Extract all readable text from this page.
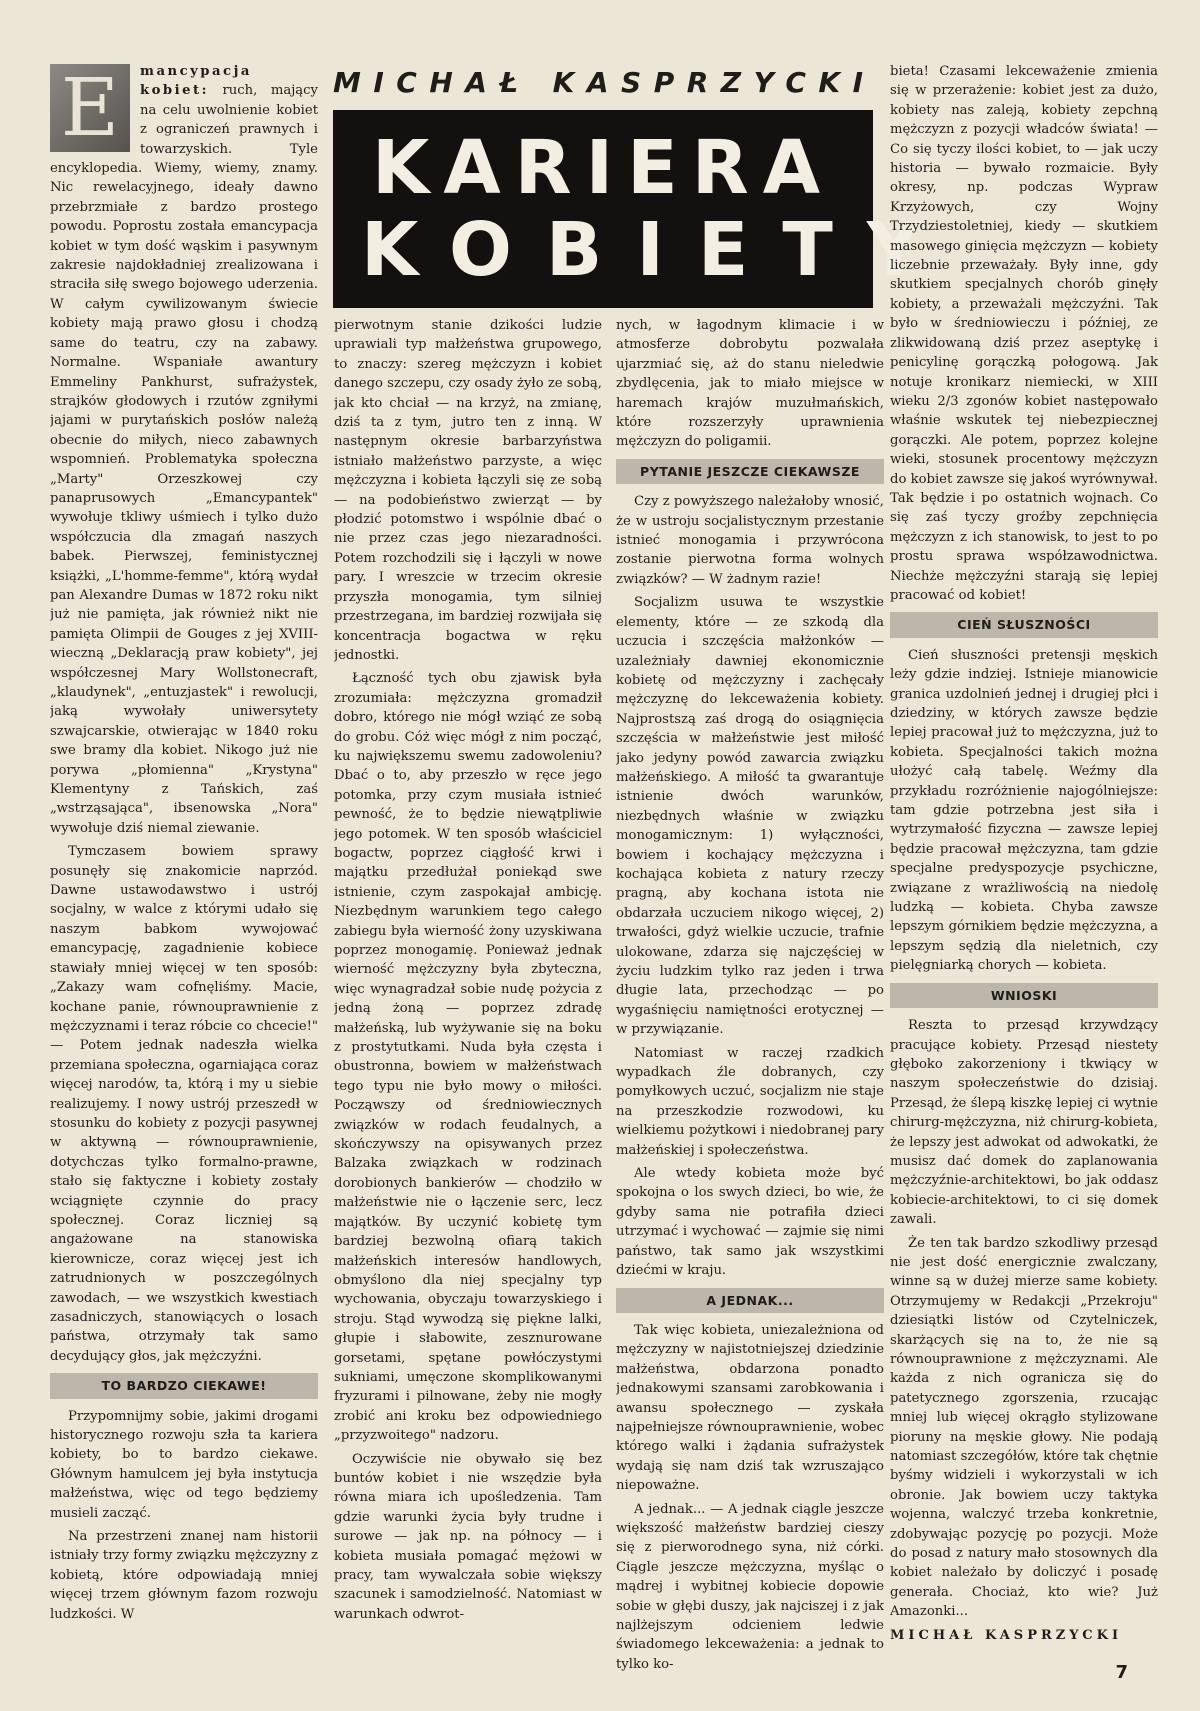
MICHAŁ KASPRZYCKI
KARIERA
KOBIETY
E	mancypacja kobiet: ruch, mający na celu uwolnienie kobiet z ograniczeń prawnych i towarzyskich. Tyle encyklopedia. Wiemy, wiemy, znamy. Nic rewelacyjnego, ideały dawno przebrzmiałe z bardzo prostego powodu. Poprostu została emancypacja kobiet w tym dość wąskim i pasywnym zakresie najdokładniej zrealizowana i straciła siłę swego bojowego uderzenia. W całym cywilizowanym świecie kobiety mają prawo głosu i chodzą same do teatru, czy na zabawy. Normalne. Wspaniałe awantury Emmeliny Pankhurst, sufrażystek, strajków głodowych i rzutów zgniłymi jajami w purytańskich posłów należą obecnie do miłych, nieco zabawnych wspomnień. Problematyka społeczna „Marty" Orzeszkowej czy panaprusowych „Emancypantek" wywołuje tkliwy uśmiech i tylko dużo współczucia dla zmagań naszych babek. Pierwszej, feministycznej książki, „L'homme-femme", którą wydał pan Alexandre Dumas w 1872 roku nikt już nie pamięta, jak również nikt nie pamięta Olimpii de Gouges z jej XVIII-wieczną „Deklaracją praw kobiety", jej współczesnej Mary Wollstonecraft, „klaudynek", „entuzjastek" i rewolucji, jaką wywołały uniwersytety szwajcarskie, otwierając w 1840 roku swe bramy dla kobiet. Nikogo już nie porywa „płomienna" „Krystyna" Klementyny z Tańskich, zaś „wstrząsająca", ibsenowska „Nora" wywołuje dziś niemal ziewanie.

Tymczasem bowiem sprawy posunęły się znakomicie naprzód. Dawne ustawodawstwo i ustrój socjalny, w walce z którymi udało się naszym babkom wywojować emancypację, zagadnienie kobiece stawiały mniej więcej w ten sposób: „Zakazy wam cofnęliśmy. Macie, kochane panie, równouprawnienie z mężczyznami i teraz róbcie co chcecie!" — Potem jednak nadeszła wielka przemiana społeczna, ogarniająca coraz więcej narodów, ta, którą i my u siebie realizujemy. I nowy ustrój przeszedł w stosunku do kobiety z pozycji pasywnej w aktywną — równouprawnienie, dotychczas tylko formalno-prawne, stało się faktyczne i kobiety zostały wciągnięte czynnie do pracy społecznej. Coraz liczniej są angażowane na stanowiska kierownicze, coraz więcej jest ich zatrudnionych w poszczególnych zawodach, — we wszystkich kwestiach zasadniczych, stanowiących o losach państwa, otrzymały tak samo decydujący głos, jak mężczyźni.

TO BARDZO CIEKAWE!

Przypomnijmy sobie, jakimi drogami historycznego rozwoju szła ta kariera kobiety, bo to bardzo ciekawe. Głównym hamulcem jej była instytucja małżeństwa, więc od tego będziemy musieli zacząć.

Na przestrzeni znanej nam historii istniały trzy formy związku mężczyzny z kobietą, które odpowiadają mniej więcej trzem głównym fazom rozwoju ludzkości. W

pierwotnym stanie dzikości ludzie uprawiali typ małżeństwa grupowego, to znaczy: szereg mężczyzn i kobiet danego szczepu, czy osady żyło ze sobą, jak kto chciał — na krzyż, na zmianę, dziś ta z tym, jutro ten z inną. W następnym okresie barbarzyństwa istniało małżeństwo parzyste, a więc mężczyzna i kobieta łączyli się ze sobą — na podobieństwo zwierząt — by płodzić potomstwo i wspólnie dbać o nie przez czas jego niezaradności. Potem rozchodzili się i łączyli w nowe pary. I wreszcie w trzecim okresie przyszła monogamia, tym silniej przestrzegana, im bardziej rozwijała się koncentracja bogactwa w ręku jednostki.

Łączność tych obu zjawisk była zrozumiała: mężczyzna gromadził dobro, którego nie mógł wziąć ze sobą do grobu. Cóż więc mógł z nim począć, ku największemu swemu zadowoleniu? Dbać o to, aby przeszło w ręce jego potomka, przy czym musiała istnieć pewność, że to będzie niewątpliwie jego potomek. W ten sposób właściciel bogactw, poprzez ciągłość krwi i majątku przedłużał poniekąd swe istnienie, czym zaspokajał ambicję. Niezbędnym warunkiem tego całego zabiegu była wierność żony uzyskiwana poprzez monogamię. Ponieważ jednak wierność mężczyzny była zbyteczna, więc wynagradzał sobie nudę pożycia z jedną żoną — poprzez zdradę małżeńską, lub wyżywanie się na boku z prostytutkami. Nuda była częsta i obustronna, bowiem w małżeństwach tego typu nie było mowy o miłości. Począwszy od średniowiecznych związków w rodach feudalnych, a skończywszy na opisywanych przez Balzaka związkach w rodzinach dorobionych bankierów — chodziło w małżeństwie nie o łączenie serc, lecz majątków. By uczynić kobietę tym bardziej bezwolną ofiarą takich małżeńskich interesów handlowych, obmyślono dla niej specjalny typ wychowania, obyczaju towarzyskiego i stroju. Stąd wywodzą się piękne lalki, głupie i słabowite, zesznurowane gorsetami, spętane powłóczystymi sukniami, umęczone skomplikowanymi fryzurami i pilnowane, żeby nie mogły zrobić ani kroku bez odpowiedniego „przyzwoitego" nadzoru.

Oczywiście nie obywało się bez buntów kobiet i nie wszędzie była równa miara ich upośledzenia. Tam gdzie warunki życia były trudne i surowe — jak np. na północy — i kobieta musiała pomagać mężowi w pracy, tam wywalczała sobie większy szacunek i samodzielność. Natomiast w warunkach odwrot-

nych, w łagodnym klimacie i w atmosferze dobrobytu pozwalała ujarzmiać się, aż do stanu nieledwie zbydlęcenia, jak to miało miejsce w haremach krajów muzułmańskich, które rozszerzyły uprawnienia mężczyzn do poligamii.

PYTANIE JESZCZE CIEKAWSZE

Czy z powyższego należałoby wnosić, że w ustroju socjalistycznym przestanie istnieć monogamia i przywrócona zostanie pierwotna forma wolnych związków? — W żadnym razie!

Socjalizm usuwa te wszystkie elementy, które — ze szkodą dla uczucia i szczęścia małżonków — uzależniały dawniej ekonomicznie kobietę od mężczyzny i zachęcały mężczyznę do lekceważenia kobiety. Najprostszą zaś drogą do osiągnięcia szczęścia w małżeństwie jest miłość jako jedyny powód zawarcia związku małżeńskiego. A miłość ta gwarantuje istnienie dwóch warunków, niezbędnych właśnie w związku monogamicznym: 1) wyłączności, bowiem i kochający mężczyzna i kochająca kobieta z natury rzeczy pragną, aby kochana istota nie obdarzała uczuciem nikogo więcej, 2) trwałości, gdyż wielkie uczucie, trafnie ulokowane, zdarza się najczęściej w życiu ludzkim tylko raz jeden i trwa długie lata, przechodząc — po wygaśnięciu namiętności erotycznej — w przywiązanie.

Natomiast w raczej rzadkich wypadkach źle dobranych, czy pomyłkowych uczuć, socjalizm nie staje na przeszkodzie rozwodowi, ku wielkiemu pożytkowi i niedobranej pary małżeńskiej i społeczeństwa.

Ale wtedy kobieta może być spokojna o los swych dzieci, bo wie, że gdyby sama nie potrafiła dzieci utrzymać i wychować — zajmie się nimi państwo, tak samo jak wszystkimi dziećmi w kraju.

A JEDNAK...

Tak więc kobieta, uniezależniona od mężczyzny w najistotniejszej dziedzinie małżeństwa, obdarzona ponadto jednakowymi szansami zarobkowania i awansu społecznego — zyskała najpełniejsze równouprawnienie, wobec którego walki i żądania sufrażystek wydają się nam dziś tak wzruszająco niepoważne.

A jednak... — A jednak ciągle jeszcze większość małżeństw bardziej cieszy się z pierworodnego syna, niż córki. Ciągle jeszcze mężczyzna, myśląc o mądrej i wybitnej kobiecie dopowie sobie w głębi duszy, jak najciszej i z jak najlżejszym odcieniem ledwie świadomego lekceważenia: a jednak to tylko ko-

bieta! Czasami lekceważenie zmienia się w przerażenie: kobiet jest za dużo, kobiety nas zaleją, kobiety zepchną mężczyzn z pozycji władców świata! — Co się tyczy ilości kobiet, to — jak uczy historia — bywało rozmaicie. Były okresy, np. podczas Wypraw Krzyżowych, czy Wojny Trzydziestoletniej, kiedy — skutkiem masowego ginięcia mężczyzn — kobiety liczebnie przeważały. Były inne, gdy skutkiem specjalnych chorób ginęły kobiety, a przeważali mężczyźni. Tak było w średniowieczu i później, ze zlikwidowaną dziś przez aseptykę i penicylinę gorączką połogową. Jak notuje kronikarz niemiecki, w XIII wieku 2/3 zgonów kobiet następowało właśnie wskutek tej niebezpiecznej gorączki. Ale potem, poprzez kolejne wieki, stosunek procentowy mężczyzn do kobiet zawsze się jakoś wyrównywał. Tak będzie i po ostatnich wojnach. Co się zaś tyczy groźby zepchnięcia mężczyzn z ich stanowisk, to jest to po prostu sprawa współzawodnictwa. Niechże mężczyźni starają się lepiej pracować od kobiet!

CIEŃ SŁUSZNOŚCI

Cień słuszności pretensji męskich leży gdzie indziej. Istnieje mianowicie granica uzdolnień jednej i drugiej płci i dziedziny, w których zawsze będzie lepiej pracował już to mężczyzna, już to kobieta. Specjalności takich można ułożyć całą tabelę. Weźmy dla przykładu rozróżnienie najogólniejsze: tam gdzie potrzebna jest siła i wytrzymałość fizyczna — zawsze lepiej będzie pracował mężczyzna, tam gdzie specjalne predyspozycje psychiczne, związane z wrażliwością na niedolę ludzką — kobieta. Chyba zawsze lepszym górnikiem będzie mężczyzna, a lepszym sędzią dla nieletnich, czy pielęgniarką chorych — kobieta.

WNIOSKI

Reszta to przesąd krzywdzący pracujące kobiety. Przesąd niestety głęboko zakorzeniony i tkwiący w naszym społeczeństwie do dzisiaj. Przesąd, że ślepą kiszkę lepiej ci wytnie chirurg-mężczyzna, niż chirurg-kobieta, że lepszy jest adwokat od adwokatki, że musisz dać domek do zaplanowania mężczyźnie-architektowi, bo jak oddasz kobiecie-architektowi, to ci się domek zawali.

Że ten tak bardzo szkodliwy przesąd nie jest dość energicznie zwalczany, winne są w dużej mierze same kobiety. Otrzymujemy w Redakcji „Przekroju" dziesiątki listów od Czytelniczek, skarżących się na to, że nie są równouprawnione z mężczyznami. Ale każda z nich ogranicza się do patetycznego zgorszenia, rzucając mniej lub więcej okrągło stylizowane pioruny na męskie głowy. Nie podają natomiast szczegółów, które tak chętnie byśmy widzieli i wykorzystali w ich obronie. Jak bowiem uczy taktyka wojenna, walczyć trzeba konkretnie, zdobywając pozycję po pozycji. Może do posad z natury mało stosownych dla kobiet należało by doliczyć i posadę generała. Chociaż, kto wie? Już Amazonki...

MICHAŁ KASPRZYCKI

7
